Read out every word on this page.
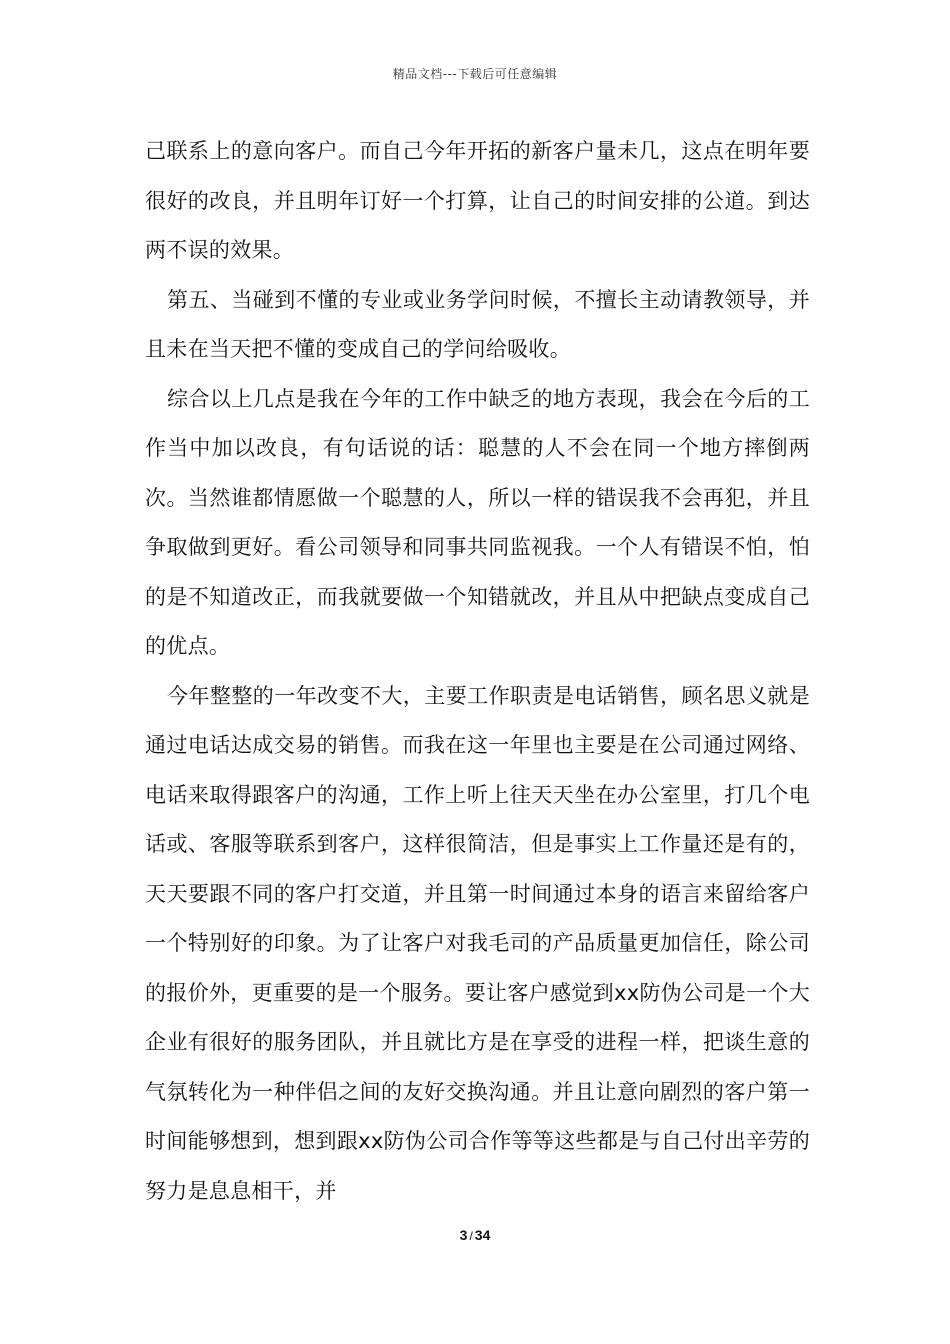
精品文档---下载后可任意编辑

己联系上的意向客户。而自己今年开拓的新客户量未几，这点在明年要很好的改良，并且明年订好一个打算，让自己的时间安排的公道。到达两不误的效果。

第五、当碰到不懂的专业或业务学问时候，不擅长主动请教领导，并且未在当天把不懂的变成自己的学问给吸收。

综合以上几点是我在今年的工作中缺乏的地方表现，我会在今后的工作当中加以改良，有句话说的话：聪慧的人不会在同一个地方摔倒两次。当然谁都情愿做一个聪慧的人，所以一样的错误我不会再犯，并且争取做到更好。看公司领导和同事共同监视我。一个人有错误不怕，怕的是不知道改正，而我就要做一个知错就改，并且从中把缺点变成自己的优点。

今年整整的一年改变不大，主要工作职责是电话销售，顾名思义就是通过电话达成交易的销售。而我在这一年里也主要是在公司通过网络、电话来取得跟客户的沟通，工作上听上往天天坐在办公室里，打几个电话或、客服等联系到客户，这样很简洁，但是事实上工作量还是有的，天天要跟不同的客户打交道，并且第一时间通过本身的语言来留给客户一个特别好的印象。为了让客户对我毛司的产品质量更加信任，除公司的报价外，更重要的是一个服务。要让客户感觉到xx防伪公司是一个大企业有很好的服务团队，并且就比方是在享受的进程一样，把谈生意的气氛转化为一种伴侣之间的友好交换沟通。并且让意向剧烈的客户第一时间能够想到，想到跟xx防伪公司合作等等这些都是与自己付出辛劳的努力是息息相干，并

3 / 34
